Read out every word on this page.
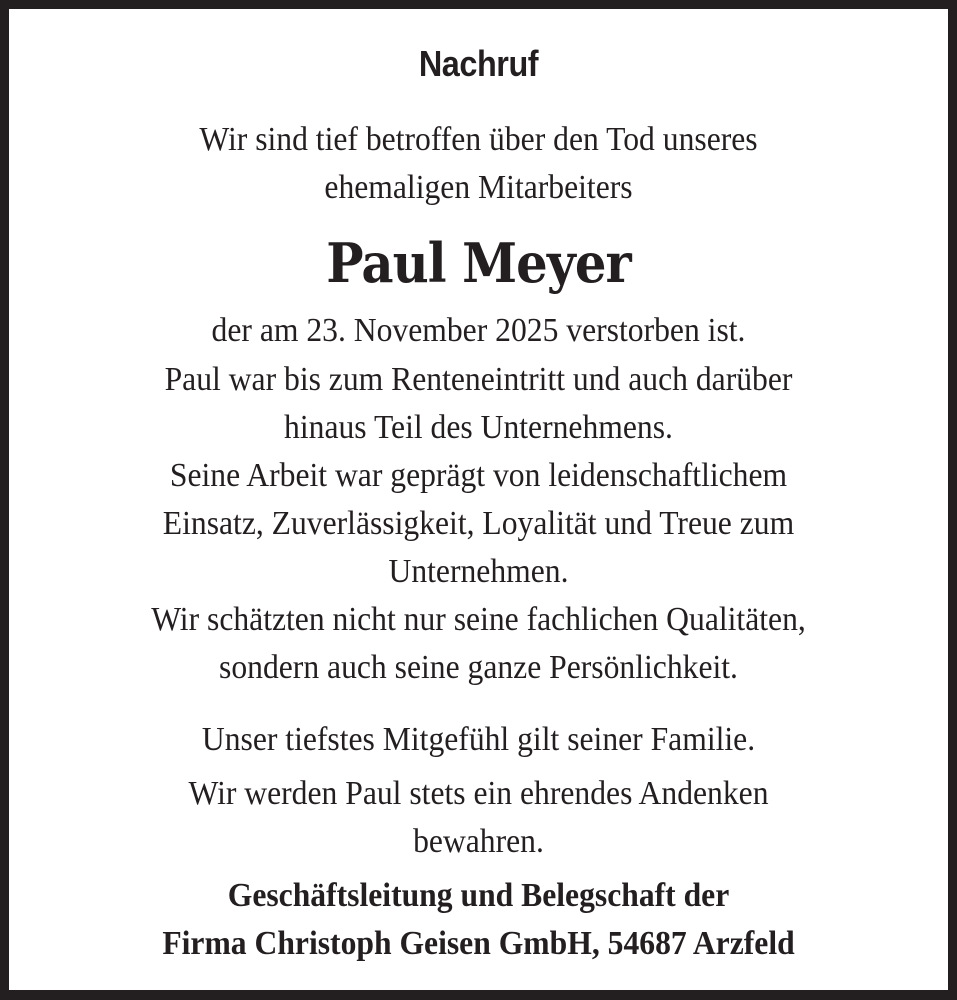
Nachruf
Wir sind tief betroffen über den Tod unseres
ehemaligen Mitarbeiters
Paul Meyer
der am 23. November 2025 verstorben ist.
Paul war bis zum Renteneintritt und auch darüber
hinaus Teil des Unternehmens.
Seine Arbeit war geprägt von leidenschaftlichem
Einsatz, Zuverlässigkeit, Loyalität und Treue zum
Unternehmen.
Wir schätzten nicht nur seine fachlichen Qualitäten,
sondern auch seine ganze Persönlichkeit.
Unser tiefstes Mitgefühl gilt seiner Familie.
Wir werden Paul stets ein ehrendes Andenken
bewahren.
Geschäftsleitung und Belegschaft der
Firma Christoph Geisen GmbH, 54687 Arzfeld
